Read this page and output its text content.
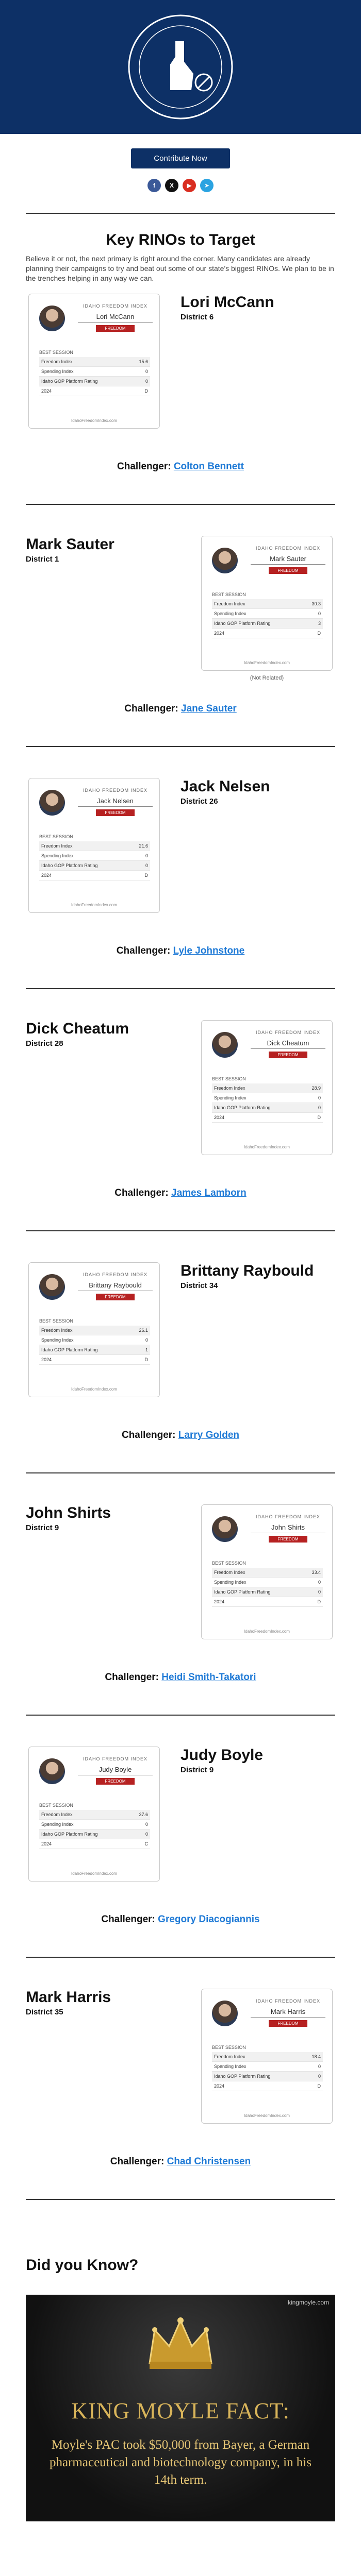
Contribute Now
f	X	▶	➤
Key RINOs to Target
Believe it or not, the next primary is right around the corner. Many candidates are already planning their campaigns to try and beat out some of our state's biggest RINOs. We plan to be in the trenches helping in any way we can.
Lori McCann
District 6
IDAHO FREEDOM INDEX
Lori McCann
FREEDOM FAILURE
BEST SESSION
Freedom Index	15.6
Spending Index	0
Idaho GOP Platform Rating	0
2024	D
IdahoFreedomIndex.com
Challenger: Colton Bennett
Mark Sauter
District 1
IDAHO FREEDOM INDEX
Mark Sauter
FREEDOM FAILURE
BEST SESSION
Freedom Index	30.3
Spending Index	0
Idaho GOP Platform Rating	3
2024	D
IdahoFreedomIndex.com
(Not Related)
Challenger: Jane Sauter
Jack Nelsen
District 26
IDAHO FREEDOM INDEX
Jack Nelsen
FREEDOM FAILURE
BEST SESSION
Freedom Index	21.6
Spending Index	0
Idaho GOP Platform Rating	0
2024	D
IdahoFreedomIndex.com
Challenger: Lyle Johnstone
Dick Cheatum
District 28
IDAHO FREEDOM INDEX
Dick Cheatum
FREEDOM FAILURE
BEST SESSION
Freedom Index	28.9
Spending Index	0
Idaho GOP Platform Rating	0
2024	D
IdahoFreedomIndex.com
Challenger: James Lamborn
Brittany Raybould
District 34
IDAHO FREEDOM INDEX
Brittany Raybould
FREEDOM FAILURE
BEST SESSION
Freedom Index	26.1
Spending Index	0
Idaho GOP Platform Rating	1
2024	D
IdahoFreedomIndex.com
Challenger: Larry Golden
John Shirts
District 9
IDAHO FREEDOM INDEX
John Shirts
FREEDOM FAILURE
BEST SESSION
Freedom Index	33.4
Spending Index	0
Idaho GOP Platform Rating	0
2024	D
IdahoFreedomIndex.com
Challenger: Heidi Smith-Takatori
Judy Boyle
District 9
IDAHO FREEDOM INDEX
Judy Boyle
FREEDOM FAILURE
BEST SESSION
Freedom Index	37.6
Spending Index	0
Idaho GOP Platform Rating	0
2024	C
IdahoFreedomIndex.com
Challenger: Gregory Diacogiannis
Mark Harris
District 35
IDAHO FREEDOM INDEX
Mark Harris
FREEDOM FAILURE
BEST SESSION
Freedom Index	18.4
Spending Index	0
Idaho GOP Platform Rating	0
2024	D
IdahoFreedomIndex.com
Challenger: Chad Christensen
Did you Know?
kingmoyle.com
KING MOYLE FACT:
Moyle's PAC took $50,000 from Bayer, a German pharmaceutical and biotechnology company, in his 14th term.
